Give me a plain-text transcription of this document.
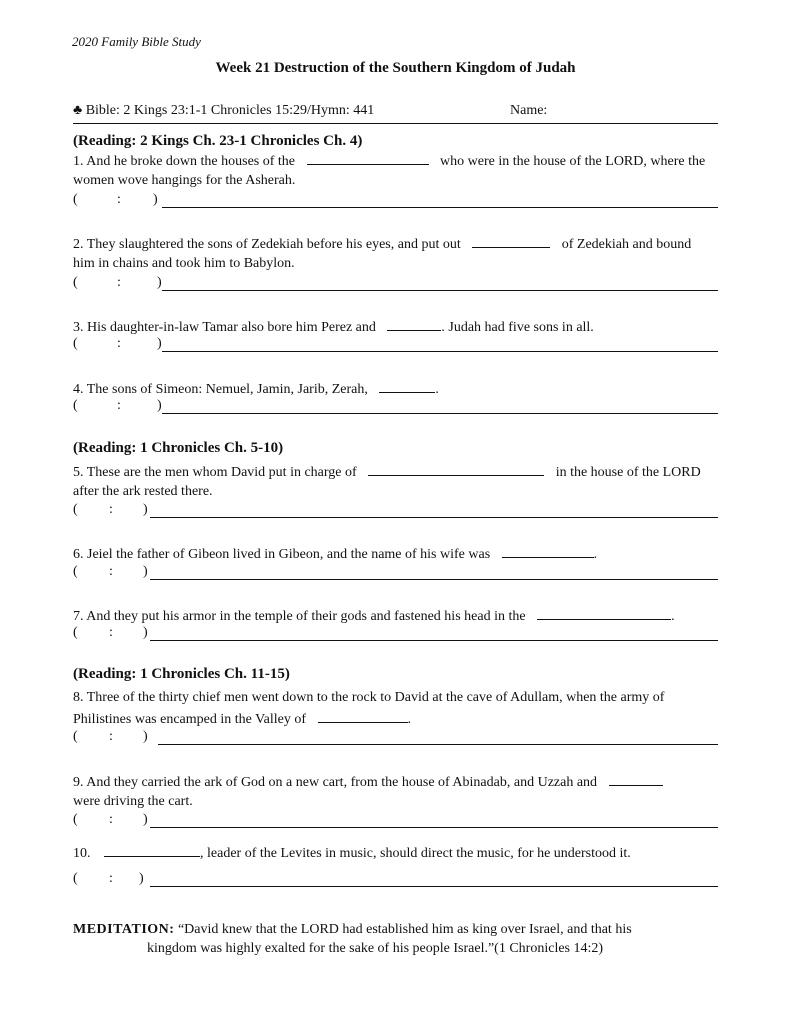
2020 Family Bible Study
Week 21 Destruction of the Southern Kingdom of Judah
♣ Bible: 2 Kings 23:1-1 Chronicles 15:29/Hymn: 441	Name:
(Reading: 2 Kings Ch. 23-1 Chronicles Ch. 4)
1. And he broke down the houses of the	who were in the house of the LORD, where the
women wove hangings for the Asherah.
(	: )
2. They slaughtered the sons of Zedekiah before his eyes, and put out	of Zedekiah and bound
him in chains and took him to Babylon.
(	:	)
3. His daughter-in-law Tamar also bore him Perez and	. Judah had five sons in all.
(	:	)
4. The sons of Simeon: Nemuel, Jamin, Jarib, Zerah,	.
(	:	)
(Reading: 1 Chronicles Ch. 5-10)
5. These are the men whom David put in charge of	in the house of the LORD
after the ark rested there.
( : )
6. Jeiel the father of Gibeon lived in Gibeon, and the name of his wife was	.
( : )
7. And they put his armor in the temple of their gods and fastened his head in the	.
( : )
(Reading: 1 Chronicles Ch. 11-15)
8. Three of the thirty chief men went down to the rock to David at the cave of Adullam, when the army of
Philistines was encamped in the Valley of	.
( : )
9. And they carried the ark of God on a new cart, from the house of Abinadab, and Uzzah and
were driving the cart.
( : )
10.	, leader of the Levites in music, should direct the music, for he understood it.
( : )
MEDITATION: “David knew that the LORD had established him as king over Israel, and that his
kingdom was highly exalted for the sake of his people Israel.”(1 Chronicles 14:2)
